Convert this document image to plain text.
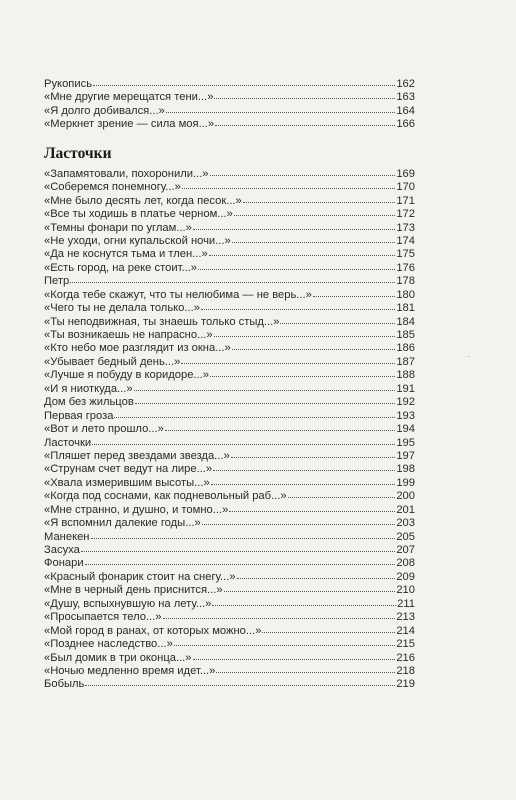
Рукопись	162
«Мне другие мерещатся тени...»	163
«Я долго добивался...»	164
«Меркнет зрение — сила моя...»	166
Ласточки
«Запамятовали, похоронили...»	169
«Соберемся понемногу...»	170
«Мне было десять лет, когда песок...»	171
«Все ты ходишь в платье черном...»	172
«Темны фонари по углам...»	173
«Не уходи, огни купальской ночи...»	174
«Да не коснутся тьма и тлен...»	175
«Есть город, на реке стоит...»	176
Петр	178
«Когда тебе скажут, что ты нелюбима — не верь...»	180
«Чего ты не делала только...»	181
«Ты неподвижная, ты знаешь только стыд...»	184
«Ты возникаешь не напрасно...»	185
«Кто небо мое разглядит из окна...»	186
«Убывает бедный день...»	187
«Лучше я побуду в коридоре...»	188
«И я ниоткуда...»	191
Дом без жильцов	192
Первая гроза	193
«Вот и лето прошло...»	194
Ласточки	195
«Пляшет перед звездами звезда...»	197
«Струнам счет ведут на лире...»	198
«Хвала измерившим высоты...»	199
«Когда под соснами, как подневольный раб...»	200
«Мне странно, и душно, и томно...»	201
«Я вспомнил далекие годы...»	203
Манекен	205
Засуха	207
Фонари	208
«Красный фонарик стоит на снегу...»	209
«Мне в черный день приснится...»	210
«Душу, вспыхнувшую на лету...»	211
«Просыпается тело...»	213
«Мой город в ранах, от которых можно...»	214
«Позднее наследство...»	215
«Был домик в три оконца...»	216
«Ночью медленно время идет...»	218
Бобыль	219
